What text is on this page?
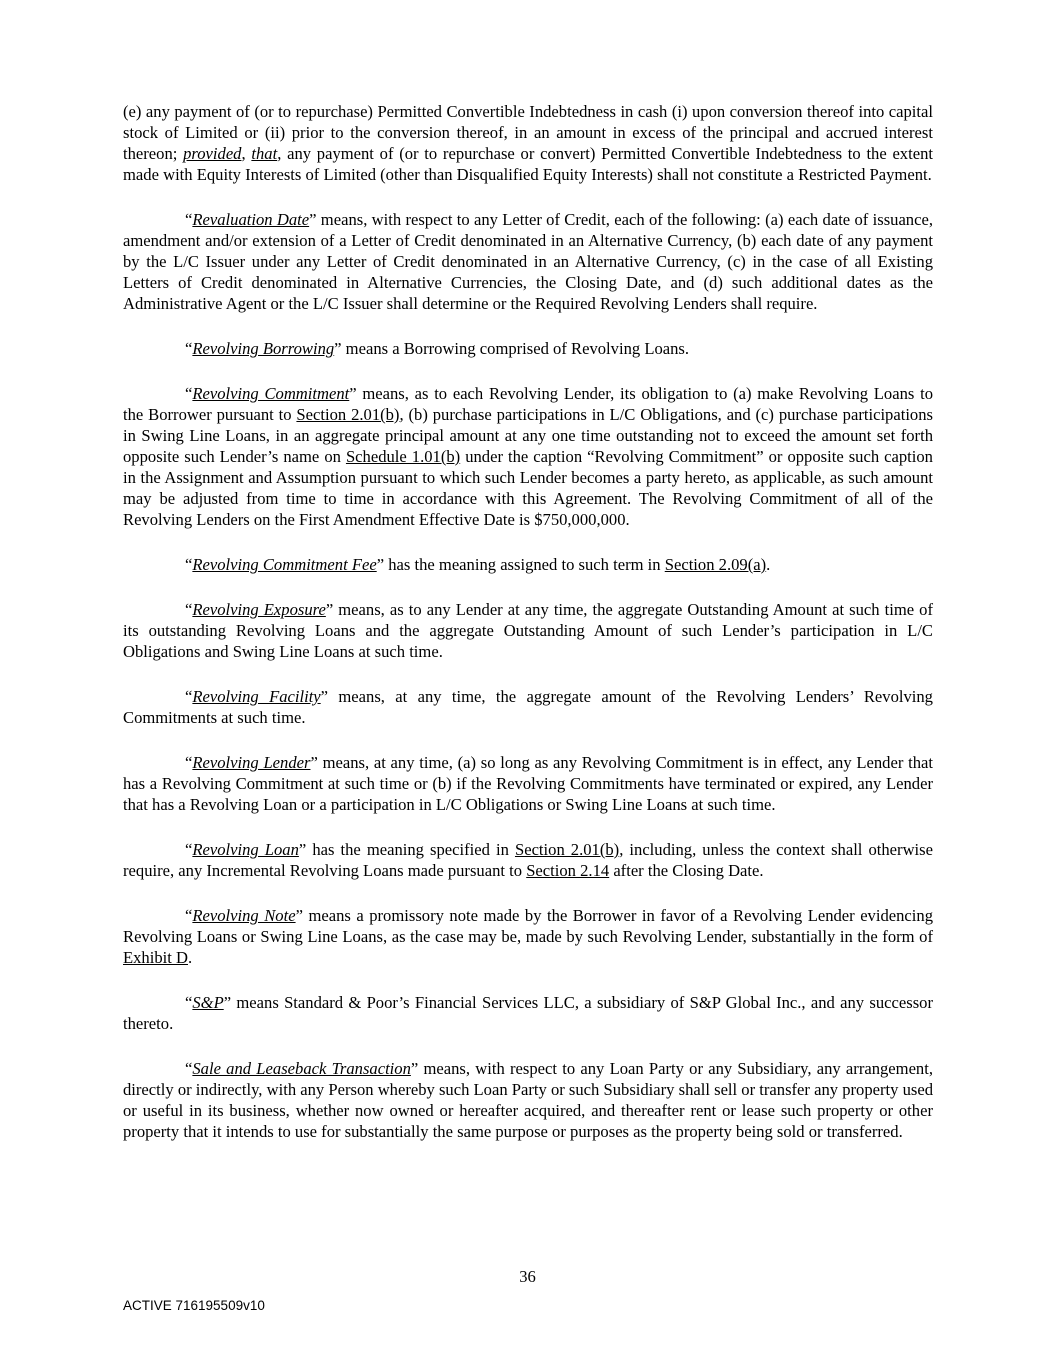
(e) any payment of (or to repurchase) Permitted Convertible Indebtedness in cash (i) upon conversion thereof into capital stock of Limited or (ii) prior to the conversion thereof, in an amount in excess of the principal and accrued interest thereon; provided, that, any payment of (or to repurchase or convert) Permitted Convertible Indebtedness to the extent made with Equity Interests of Limited (other than Disqualified Equity Interests) shall not constitute a Restricted Payment.

“Revaluation Date” means, with respect to any Letter of Credit, each of the following: (a) each date of issuance, amendment and/or extension of a Letter of Credit denominated in an Alternative Currency, (b) each date of any payment by the L/C Issuer under any Letter of Credit denominated in an Alternative Currency, (c) in the case of all Existing Letters of Credit denominated in Alternative Currencies, the Closing Date, and (d) such additional dates as the Administrative Agent or the L/C Issuer shall determine or the Required Revolving Lenders shall require.

“Revolving Borrowing” means a Borrowing comprised of Revolving Loans.

“Revolving Commitment” means, as to each Revolving Lender, its obligation to (a) make Revolving Loans to the Borrower pursuant to Section 2.01(b), (b) purchase participations in L/C Obligations, and (c) purchase participations in Swing Line Loans, in an aggregate principal amount at any one time outstanding not to exceed the amount set forth opposite such Lender’s name on Schedule 1.01(b) under the caption “Revolving Commitment” or opposite such caption in the Assignment and Assumption pursuant to which such Lender becomes a party hereto, as applicable, as such amount may be adjusted from time to time in accordance with this Agreement. The Revolving Commitment of all of the Revolving Lenders on the First Amendment Effective Date is $750,000,000.

“Revolving Commitment Fee” has the meaning assigned to such term in Section 2.09(a).

“Revolving Exposure” means, as to any Lender at any time, the aggregate Outstanding Amount at such time of its outstanding Revolving Loans and the aggregate Outstanding Amount of such Lender’s participation in L/C Obligations and Swing Line Loans at such time.

“Revolving Facility” means, at any time, the aggregate amount of the Revolving Lenders’ Revolving Commitments at such time.

“Revolving Lender” means, at any time, (a) so long as any Revolving Commitment is in effect, any Lender that has a Revolving Commitment at such time or (b) if the Revolving Commitments have terminated or expired, any Lender that has a Revolving Loan or a participation in L/C Obligations or Swing Line Loans at such time.

“Revolving Loan” has the meaning specified in Section 2.01(b), including, unless the context shall otherwise require, any Incremental Revolving Loans made pursuant to Section 2.14 after the Closing Date.

“Revolving Note” means a promissory note made by the Borrower in favor of a Revolving Lender evidencing Revolving Loans or Swing Line Loans, as the case may be, made by such Revolving Lender, substantially in the form of Exhibit D.

“S&P” means Standard & Poor’s Financial Services LLC, a subsidiary of S&P Global Inc., and any successor thereto.

“Sale and Leaseback Transaction” means, with respect to any Loan Party or any Subsidiary, any arrangement, directly or indirectly, with any Person whereby such Loan Party or such Subsidiary shall sell or transfer any property used or useful in its business, whether now owned or hereafter acquired, and thereafter rent or lease such property or other property that it intends to use for substantially the same purpose or purposes as the property being sold or transferred.

36
ACTIVE 716195509v10
